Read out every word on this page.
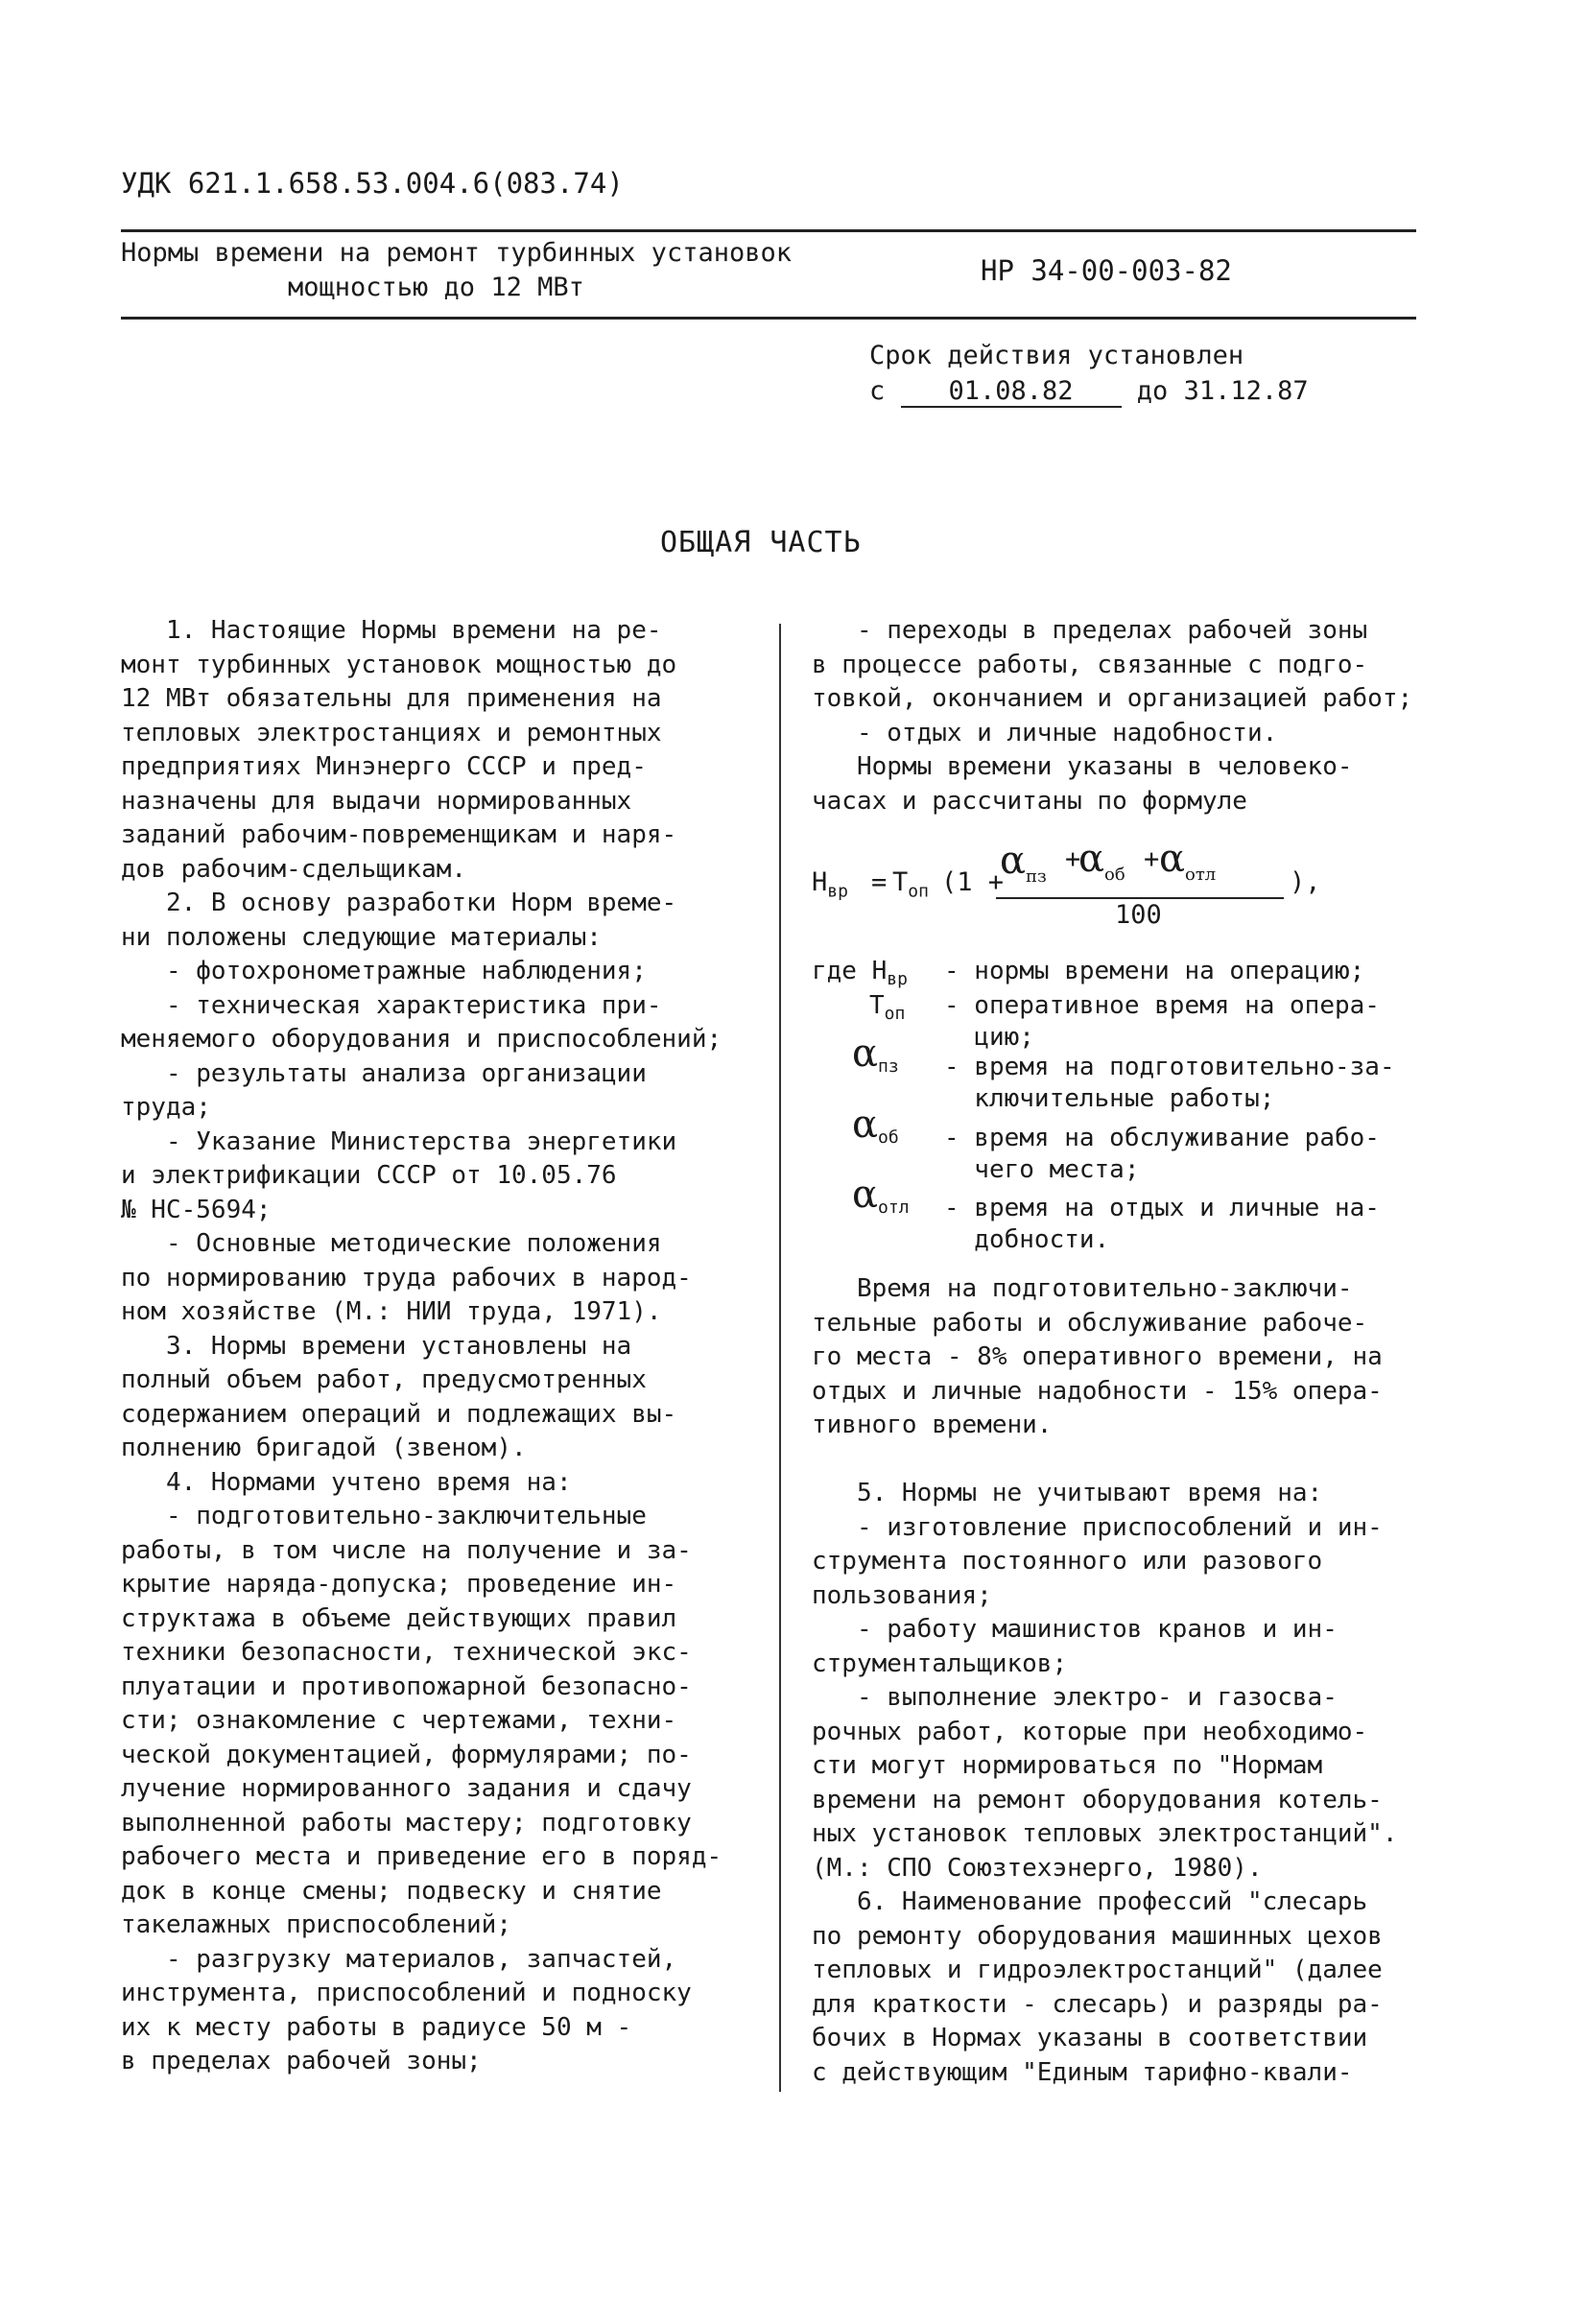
УДК 621.1.658.53.004.6(083.74)
Нормы времени на ремонт турбинных установок
мощностью до 12 МВт
НР 34-00-003-82
Срок действия установлен
с 01.08.82 до 31.12.87
ОБЩАЯ ЧАСТЬ
1. Настоящие Нормы времени на ре-
монт турбинных установок мощностью до
12 МВт обязательны для применения на
тепловых электростанциях и ремонтных
предприятиях Минэнерго СССР и пред-
назначены для выдачи нормированных
заданий рабочим-повременщикам и наря-
дов рабочим-сдельщикам.
2. В основу разработки Норм време-
ни положены следующие материалы:
- фотохронометражные наблюдения;
- техническая характеристика при-
меняемого оборудования и приспособлений;
- результаты анализа организации
труда;
- Указание Министерства энергетики
и электрификации СССР от 10.05.76
№ НС-5694;
- Основные методические положения
по нормированию труда рабочих в народ-
ном хозяйстве (М.: НИИ труда, 1971).
3. Нормы времени установлены на
полный объем работ, предусмотренных
содержанием операций и подлежащих вы-
полнению бригадой (звеном).
4. Нормами учтено время на:
- подготовительно-заключительные
работы, в том числе на получение и за-
крытие наряда-допуска; проведение ин-
структажа в объеме действующих правил
техники безопасности, технической экс-
плуатации и противопожарной безопасно-
сти; ознакомление с чертежами, техни-
ческой документацией, формулярами; по-
лучение нормированного задания и сдачу
выполненной работы мастеру; подготовку
рабочего места и приведение его в поряд-
док в конце смены; подвеску и снятие
такелажных приспособлений;
- разгрузку материалов, запчастей,
инструмента, приспособлений и подноску
их к месту работы в радиусе 50 м -
в пределах рабочей зоны;
- переходы в пределах рабочей зоны
в процессе работы, связанные с подго-
товкой, окончанием и организацией работ;
- отдых и личные надобности.
Нормы времени указаны в человеко-
часах и рассчитаны по формуле
$Н_{вр} = Т_{оп}$ (1 +
$\alpha_{пз}$
+
$\alpha_{об}$
+ $\alpha_{отл}$
100
),
где $Н_{вр}$ - нормы времени на операцию;
$Т_{оп}$ - оперативное время на опера-
цию;
$\alpha_{пз}$ - время на подготовительно-за-
ключительные работы;
$\alpha_{об}$ - время на обслуживание рабо-
чего места;
$\alpha_{отл}$ - время на отдых и личные на-
добности.
Время на подготовительно-заключи-
тельные работы и обслуживание рабоче-
го места - 8% оперативного времени, на
отдых и личные надобности - 15% опера-
тивного времени.
5. Нормы не учитывают время на:
- изготовление приспособлений и ин-
струмента постоянного или разового
пользования;
- работу машинистов кранов и ин-
струментальщиков;
- выполнение электро- и газосва-
рочных работ, которые при необходимо-
сти могут нормироваться по "Нормам
времени на ремонт оборудования котель-
ных установок тепловых электростанций".
(М.: СПО Союзтехэнерго, 1980).
6. Наименование профессий "слесарь
по ремонту оборудования машинных цехов
тепловых и гидроэлектростанций" (далее
для краткости - слесарь) и разряды ра-
бочих в Нормах указаны в соответствии
с действующим "Единым тарифно-квали-
